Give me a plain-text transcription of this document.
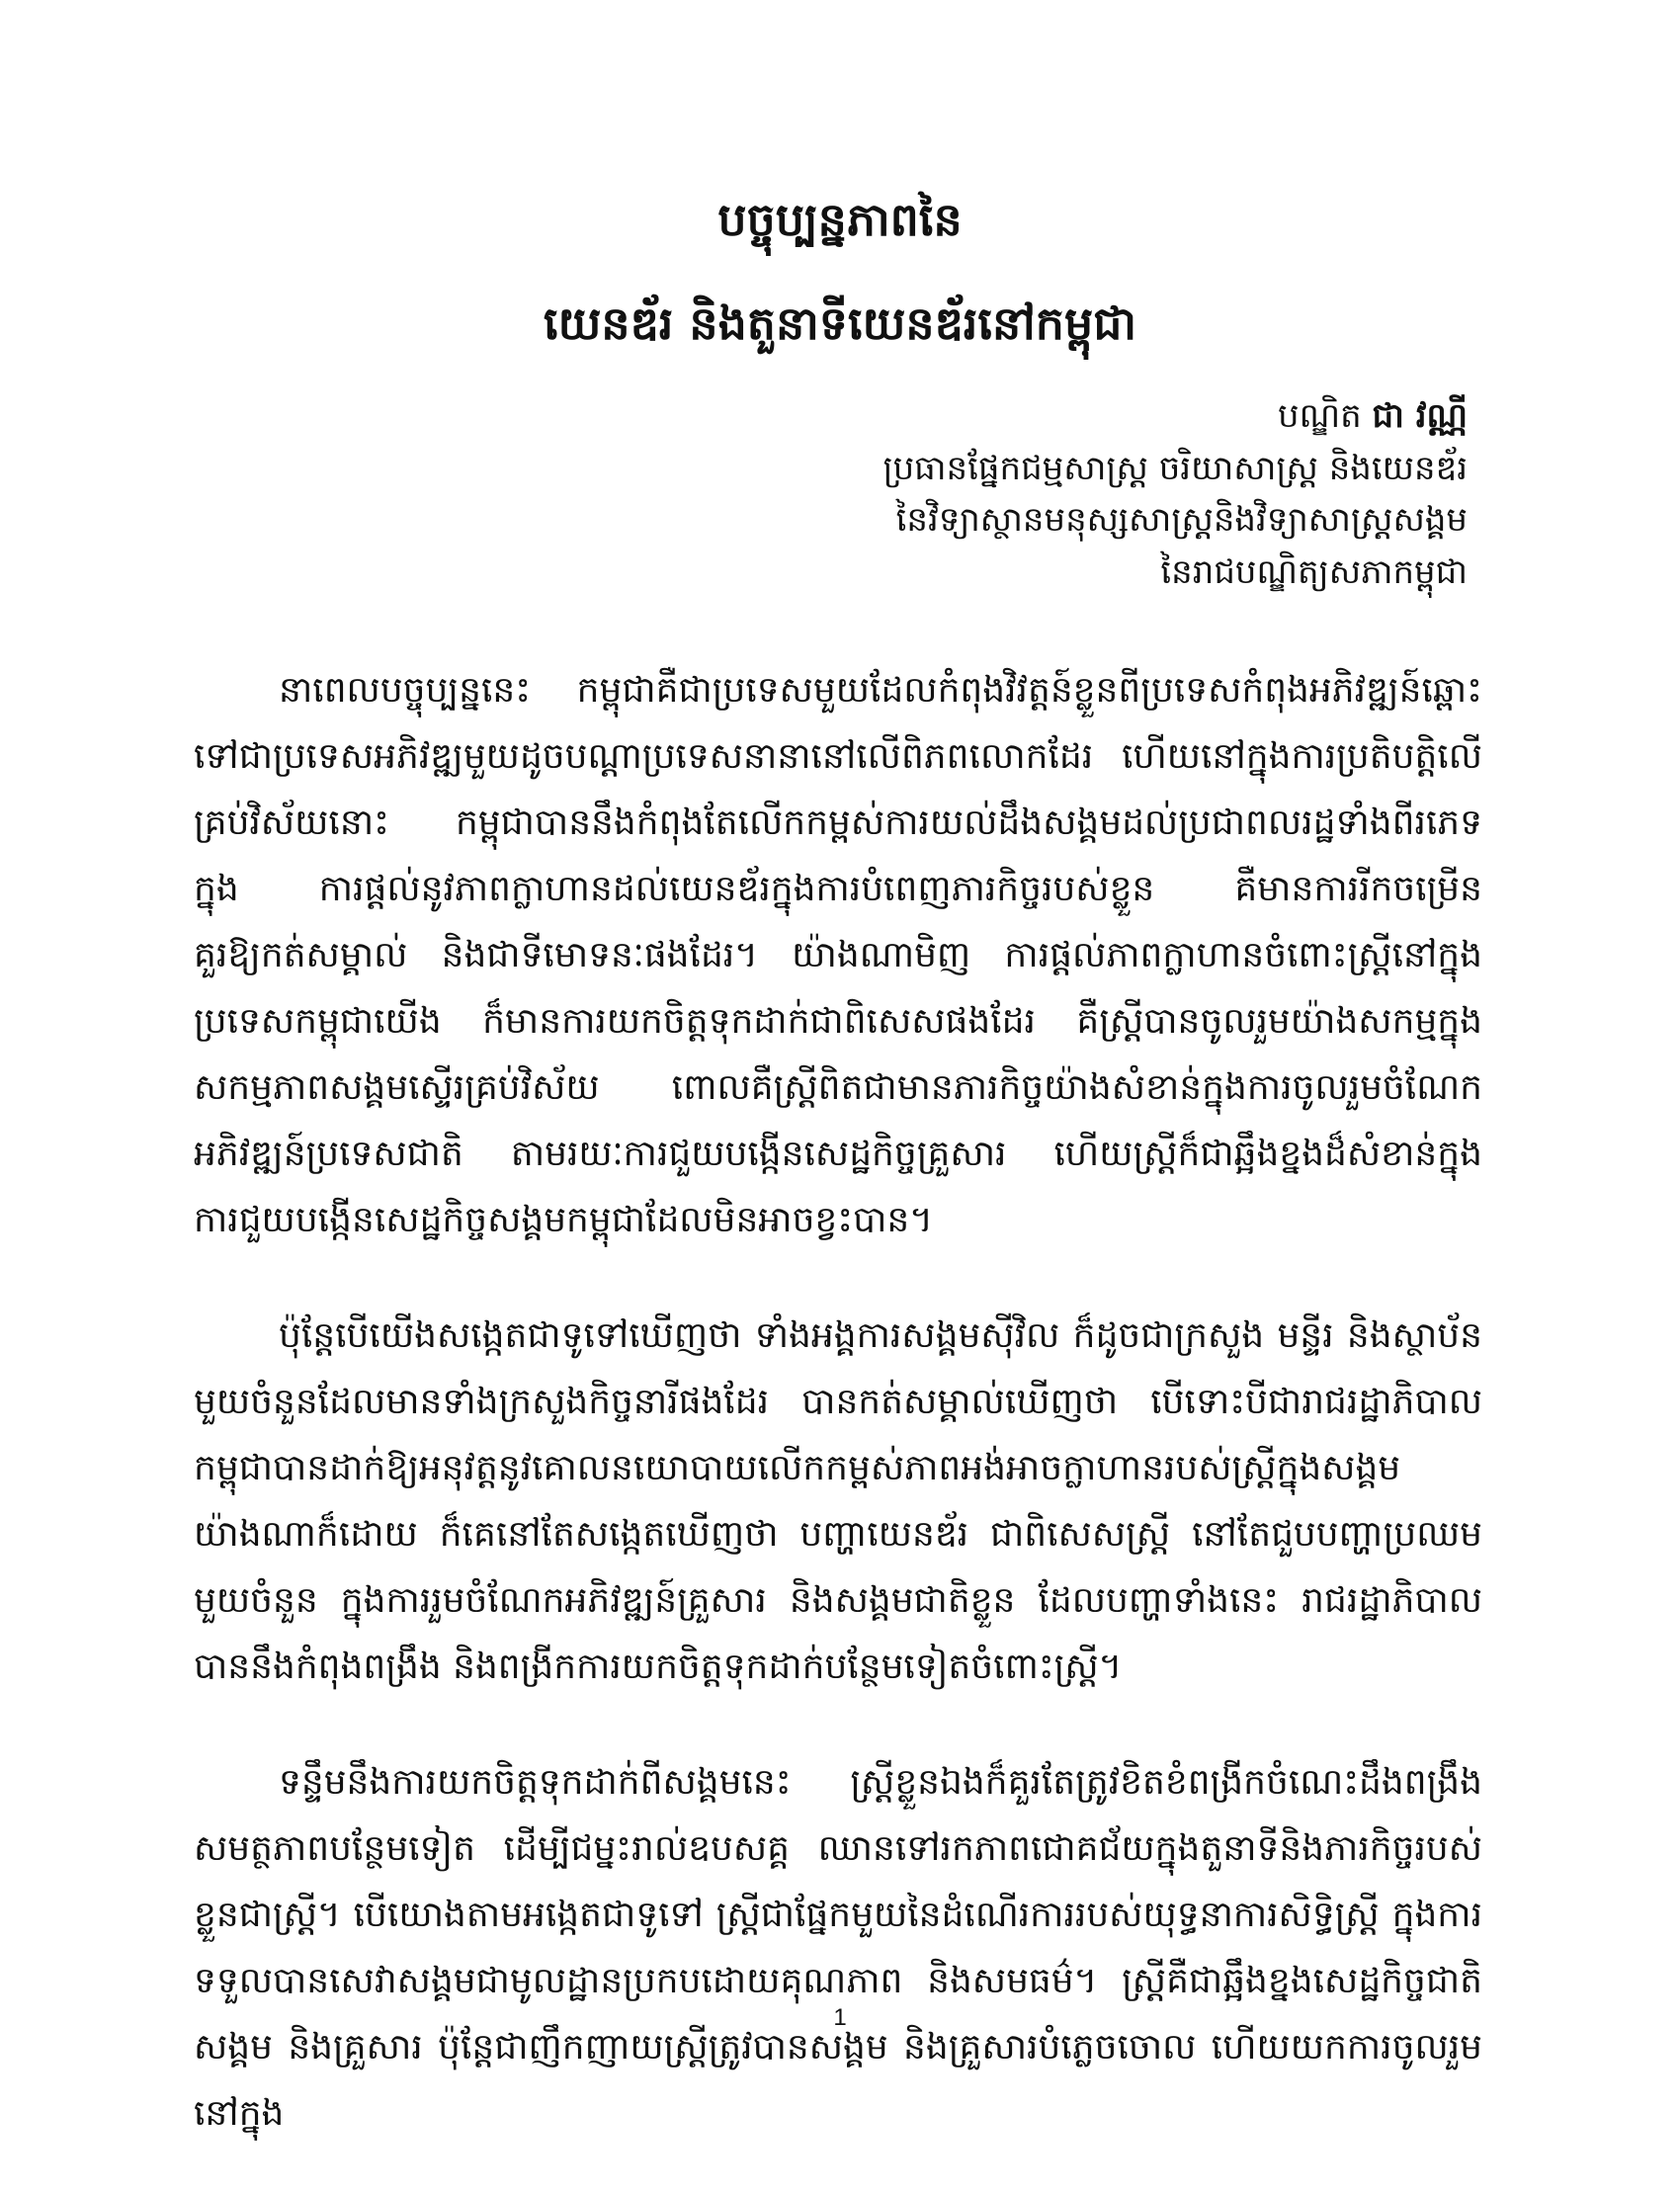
បច្ចុប្បន្នភាពនៃ
យេនឌ័រ និងតួនាទីយេនឌ័រនៅកម្ពុជា
បណ្ឌិត ជា វណ្ណី
ប្រធានផ្នែកជម្មសាស្ត្រ ចរិយាសាស្ត្រ និងយេនឌ័រ
នៃវិទ្យាស្ថានមនុស្សសាស្ត្រនិងវិទ្យាសាស្ត្រសង្គម
នៃរាជបណ្ឌិត្យសភាកម្ពុជា

នាពេលបច្ចុប្បន្ននេះ កម្ពុជាគឺជាប្រទេសមួយដែលកំពុងវិវត្តន៍ខ្លួនពីប្រទេសកំពុងអភិវឌ្ឍន៍ឆ្ពោះទៅជាប្រទេសអភិវឌ្ឍមួយដូចបណ្តាប្រទេសនានានៅលើពិភពលោកដែរ ហើយនៅក្នុងការប្រតិបត្តិលើគ្រប់វិស័យនោះ កម្ពុជាបាននឹងកំពុងតែលើកកម្ពស់ការយល់ដឹងសង្គមដល់ប្រជាពលរដ្ឋទាំងពីរភេទ ក្នុង ការផ្តល់នូវភាពក្លាហានដល់យេនឌ័រក្នុងការបំពេញភារកិច្ចរបស់ខ្លួន គឺមានការរីកចម្រើនគួរឱ្យកត់សម្គាល់ និងជាទីមោទនៈផងដែរ។ យ៉ាងណាមិញ ការផ្តល់ភាពក្លាហានចំពោះស្ត្រីនៅក្នុងប្រទេសកម្ពុជាយើង ក៏មានការយកចិត្តទុកដាក់ជាពិសេសផងដែរ គឺស្ត្រីបានចូលរួមយ៉ាងសកម្មក្នុងសកម្មភាពសង្គមស្ទើរគ្រប់វិស័យ ពោលគឺស្ត្រីពិតជាមានភារកិច្ចយ៉ាងសំខាន់ក្នុងការចូលរួមចំណែកអភិវឌ្ឍន៍ប្រទេសជាតិ តាមរយៈការជួយបង្កើនសេដ្ឋកិច្ចគ្រួសារ ហើយស្ត្រីក៏ជាឆ្អឹងខ្នងដ៏សំខាន់ក្នុងការជួយបង្កើនសេដ្ឋកិច្ចសង្គមកម្ពុជាដែលមិនអាចខ្វះបាន។

ប៉ុន្តែបើយើងសង្កេតជាទូទៅឃើញថា ទាំងអង្គការសង្គមស៊ីវិល ក៏ដូចជាក្រសួង មន្ទីរ និងស្ថាប័នមួយចំនួនដែលមានទាំងក្រសួងកិច្ចនារីផងដែរ បានកត់សម្គាល់ឃើញថា បើទោះបីជារាជរដ្ឋាភិបាលកម្ពុជាបានដាក់ឱ្យអនុវត្តនូវគោលនយោបាយលើកកម្ពស់ភាពអង់អាចក្លាហានរបស់ស្ត្រីក្នុងសង្គមយ៉ាងណាក៏ដោយ ក៏គេនៅតែសង្កេតឃើញថា បញ្ហាយេនឌ័រ ជាពិសេសស្ត្រី នៅតែជួបបញ្ហាប្រឈមមួយចំនួន ក្នុងការរួមចំណែកអភិវឌ្ឍន៍គ្រួសារ និងសង្គមជាតិខ្លួន ដែលបញ្ហាទាំងនេះ រាជរដ្ឋាភិបាលបាននឹងកំពុងពង្រឹង និងពង្រីកការយកចិត្តទុកដាក់បន្ថែមទៀតចំពោះស្ត្រី។

ទន្ទឹមនឹងការយកចិត្តទុកដាក់ពីសង្គមនេះ ស្ត្រីខ្លួនឯងក៏គួរតែត្រូវខិតខំពង្រីកចំណេះដឹងពង្រឹងសមត្ថភាពបន្ថែមទៀត ដើម្បីជម្នះរាល់ឧបសគ្គ ឈានទៅរកភាពជោគជ័យក្នុងតួនាទីនិងភារកិច្ចរបស់ខ្លួនជាស្ត្រី។ បើយោងតាមអង្កេតជាទូទៅ ស្ត្រីជាផ្នែកមួយនៃដំណើរការរបស់យុទ្ធនាការសិទ្ធិស្ត្រី ក្នុងការទទួលបានសេវាសង្គមជាមូលដ្ឋានប្រកបដោយគុណភាព និងសមធម៌។ ស្ត្រីគឺជាឆ្អឹងខ្នងសេដ្ឋកិច្ចជាតិ សង្គម និងគ្រួសារ ប៉ុន្តែជាញឹកញាយស្ត្រីត្រូវបានសង្គម និងគ្រួសារបំភ្លេចចោល ហើយយកការចូលរួមនៅក្នុង

1
